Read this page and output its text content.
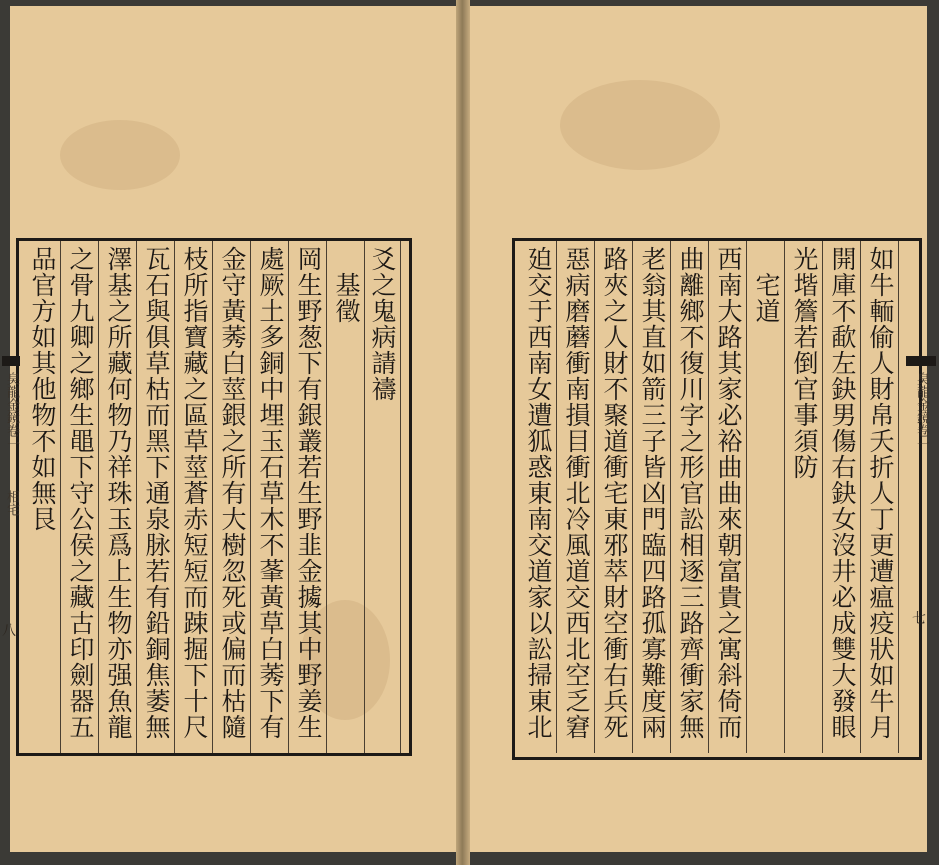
爻之鬼病請禱
　基徵
岡生野葱下有銀叢若生野韭金㩀其中野姜生
處厥土多銅中埋玉石草木不莑黃草白莠下有
金守黃莠白莖銀之所有大樹忽死或偏而枯隨
枝所指寶藏之區草莖蒼赤短短而踈掘下十尺
瓦石與俱草枯而黑下通泉脉若有鉛銅焦萎無
澤基之所藏何物乃祥珠玉爲上生物亦强魚龍
之骨九卿之鄉生黽下守公侯之藏古印劍器五
品官方如其他物不如無艮
㚖龍金鏡卷一
相宅
八	如牛輀偷人財帛夭折人丁更遭瘟疫狀如牛月
開庫不歃左鈌男傷右鈌女沒井必成雙大發眼
光堦簷若倒官事須防
　宅道
西南大路其家必裕曲曲來朝富貴之寓斜倚而
曲離鄉不復川字之形官訟相逐三路齊衝家無
老翁其直如箭三子皆凶門臨四路孤寡難度兩
路夾之人財不聚道衝宅東邪萃財空衝右兵死
惡病磨蘑衝南損目衝北冷風道交西北空乏窘
廹交于西南女遭狐惑東南交道家以訟掃東北	㚖龍金鏡卷一
七
